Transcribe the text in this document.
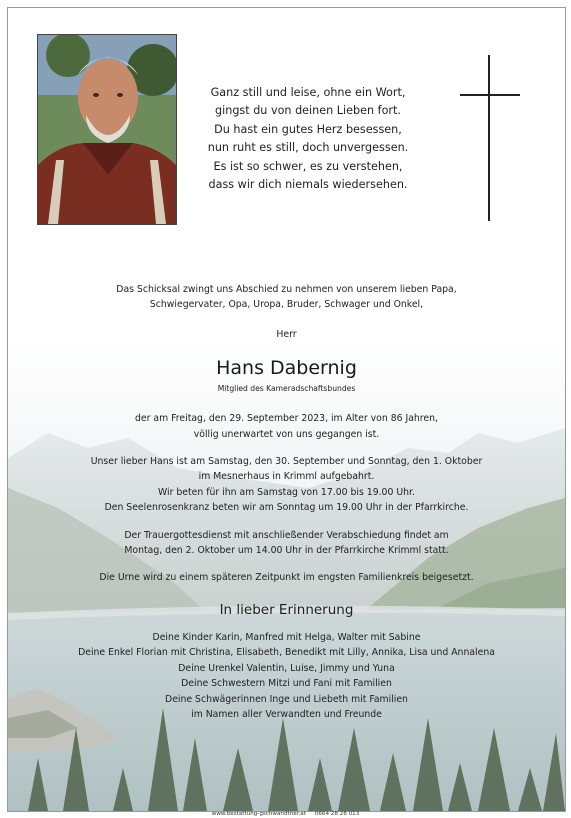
Ganz still und leise, ohne ein Wort,
gingst du von deinen Lieben fort.
Du hast ein gutes Herz besessen,
nun ruht es still, doch unvergessen.
Es ist so schwer, es zu verstehen,
dass wir dich niemals wiedersehen.
Das Schicksal zwingt uns Abschied zu nehmen von unserem lieben Papa,
Schwiegervater, Opa, Uropa, Bruder, Schwager und Onkel,
Herr
Hans Dabernig
Mitglied des Kameradschaftsbundes
der am Freitag, den 29. September 2023, im Alter von 86 Jahren,
völlig unerwartet von uns gegangen ist.
Unser lieber Hans ist am Samstag, den 30. September und Sonntag, den 1. Oktober
im Mesnerhaus in Krimml aufgebahrt.
Wir beten für ihn am Samstag von 17.00 bis 19.00 Uhr.
Den Seelenrosenkranz beten wir am Sonntag um 19.00 Uhr in der Pfarrkirche.
Der Trauergottesdienst mit anschließender Verabschiedung findet am
Montag, den 2. Oktober um 14.00 Uhr in der Pfarrkirche Krimml statt.
Die Urne wird zu einem späteren Zeitpunkt im engsten Familienkreis beigesetzt.
In lieber Erinnerung
Deine Kinder Karin, Manfred mit Helga, Walter mit Sabine
Deine Enkel Florian mit Christina, Elisabeth, Benedikt mit Lilly, Annika, Lisa und Annalena
Deine Urenkel Valentin, Luise, Jimmy und Yuna
Deine Schwestern Mitzi und Fani mit Familien
Deine Schwägerinnen Inge und Liebeth mit Familien
im Namen aller Verwandten und Freunde
www.bestattung-gschwandtner.at 0664 28 28 013
